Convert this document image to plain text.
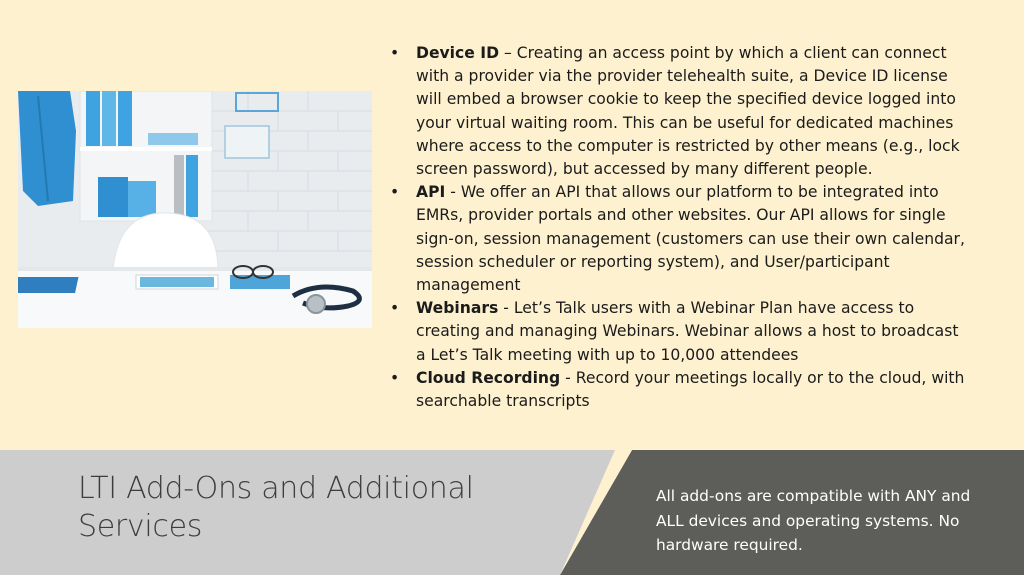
• Device ID – Creating an access point by which a client can connect with a provider via the provider telehealth suite, a Device ID license will embed a browser cookie to keep the specified device logged into your virtual waiting room. This can be useful for dedicated machines where access to the computer is restricted by other means (e.g., lock screen password), but accessed by many different people.
• API - We offer an API that allows our platform to be integrated into EMRs, provider portals and other websites. Our API allows for single sign-on, session management (customers can use their own calendar, session scheduler or reporting system), and User/participant management
• Webinars - Let’s Talk users with a Webinar Plan have access to creating and managing Webinars. Webinar allows a host to broadcast a Let’s Talk meeting with up to 10,000 attendees
• Cloud Recording - Record your meetings locally or to the cloud, with searchable transcripts
LTI Add-Ons and Additional Services

All add-ons are compatible with ANY and ALL devices and operating systems. No hardware required.
